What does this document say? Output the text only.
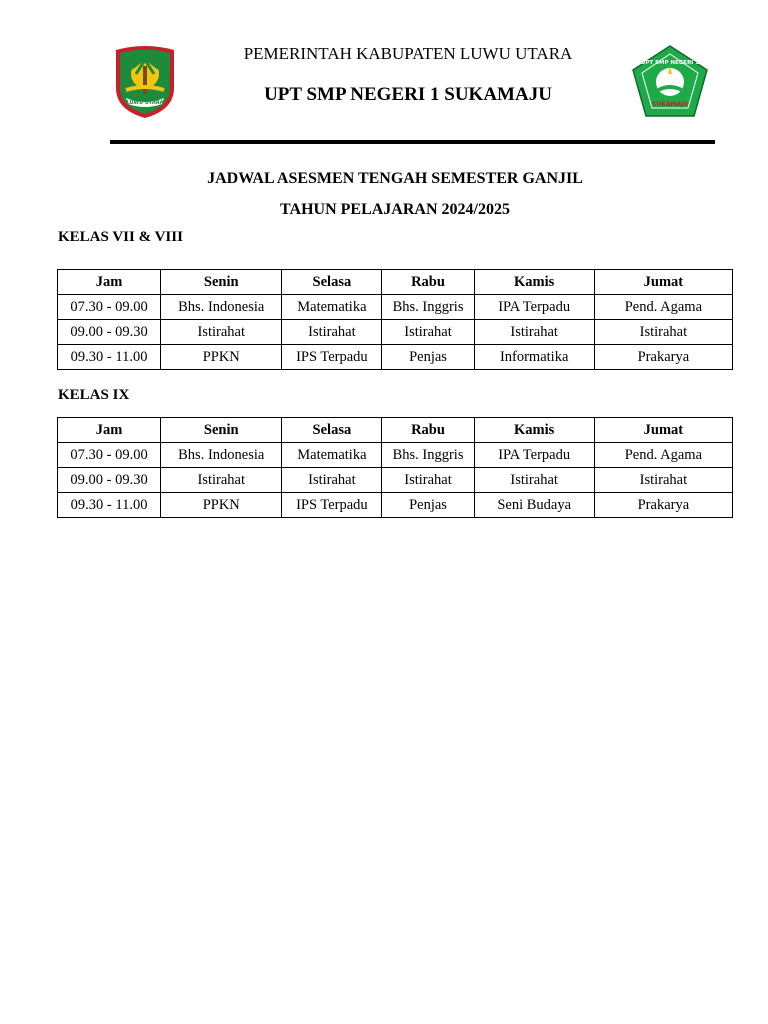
LUWU UTARA
PEMERINTAH KABUPATEN LUWU UTARA
UPT SMP NEGERI 1 SUKAMAJU
UPT SMP NEGERI 1
SUKAMAJU
JADWAL ASESMEN TENGAH SEMESTER GANJIL
TAHUN PELAJARAN 2024/2025
KELAS VII & VIII
Jam	Senin	Selasa	Rabu	Kamis	Jumat
07.30 - 09.00	Bhs. Indonesia	Matematika	Bhs. Inggris	IPA Terpadu	Pend. Agama
09.00 - 09.30	Istirahat	Istirahat	Istirahat	Istirahat	Istirahat
09.30 - 11.00	PPKN	IPS Terpadu	Penjas	Informatika	Prakarya
KELAS IX
Jam	Senin	Selasa	Rabu	Kamis	Jumat
07.30 - 09.00	Bhs. Indonesia	Matematika	Bhs. Inggris	IPA Terpadu	Pend. Agama
09.00 - 09.30	Istirahat	Istirahat	Istirahat	Istirahat	Istirahat
09.30 - 11.00	PPKN	IPS Terpadu	Penjas	Seni Budaya	Prakarya
